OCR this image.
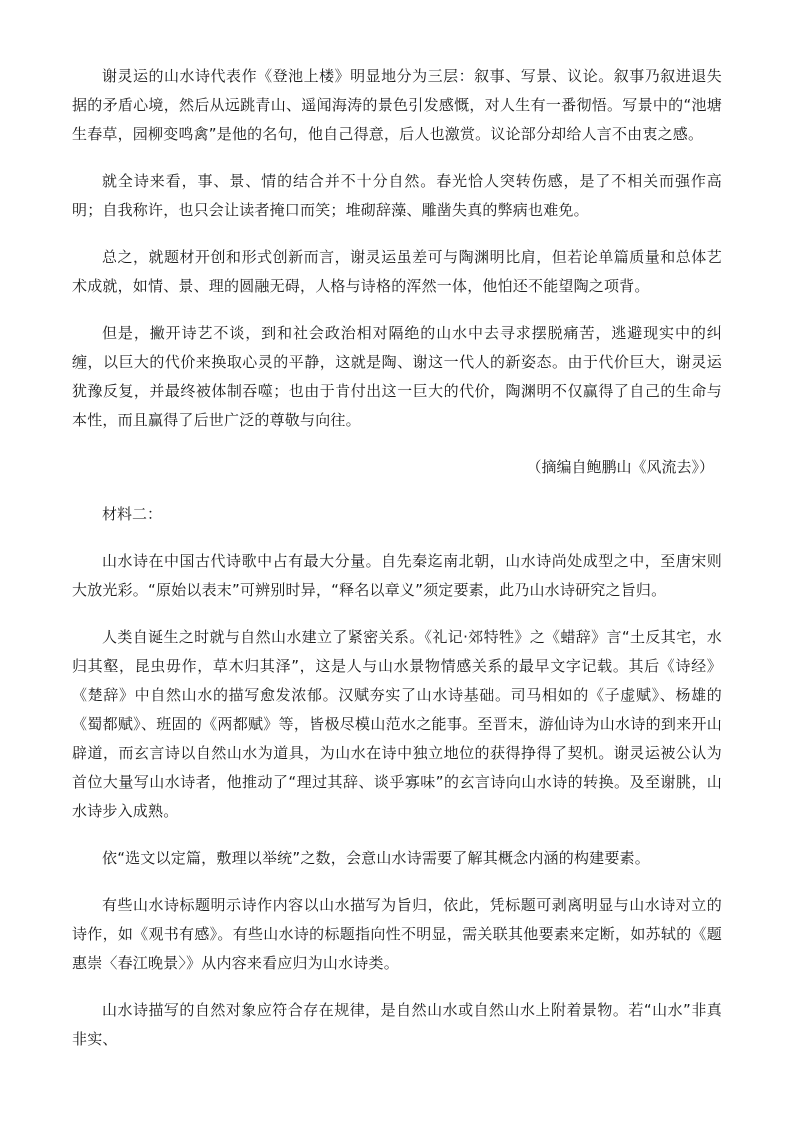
谢灵运的山水诗代表作《登池上楼》明显地分为三层：叙事、写景、议论。叙事乃叙进退失据的矛盾心境，然后从远跳青山、遥闻海涛的景色引发感慨，对人生有一番彻悟。写景中的“池塘生春草，园柳变鸣禽”是他的名句，他自己得意，后人也激赏。议论部分却给人言不由衷之感。

就全诗来看，事、景、情的结合并不十分自然。春光恰人突转伤感，是了不相关而强作高明；自我称许，也只会让读者掩口而笑；堆砌辞藻、雕凿失真的弊病也难免。

总之，就题材开创和形式创新而言，谢灵运虽差可与陶渊明比肩，但若论单篇质量和总体艺术成就，如情、景、理的圆融无碍，人格与诗格的浑然一体，他怕还不能望陶之项背。

但是，撇开诗艺不谈，到和社会政治相对隔绝的山水中去寻求摆脱痛苦，逃避现实中的纠缠，以巨大的代价来换取心灵的平静，这就是陶、谢这一代人的新姿态。由于代价巨大，谢灵运犹豫反复，并最终被体制吞噬；也由于肯付出这一巨大的代价，陶渊明不仅赢得了自己的生命与本性，而且赢得了后世广泛的尊敬与向往。

（摘编自鲍鹏山《风流去》）

材料二：

山水诗在中国古代诗歌中占有最大分量。自先秦迄南北朝，山水诗尚处成型之中，至唐宋则大放光彩。“原始以表末”可辨别时异，“释名以章义”须定要素，此乃山水诗研究之旨归。

人类自诞生之时就与自然山水建立了紧密关系。《礼记·郊特牲》之《蜡辞》言“土反其宅，水归其壑，昆虫毋作，草木归其泽”，这是人与山水景物情感关系的最早文字记载。其后《诗经》《楚辞》中自然山水的描写愈发浓郁。汉赋夯实了山水诗基础。司马相如的《子虚赋》、杨雄的《蜀都赋》、班固的《两都赋》等，皆极尽模山范水之能事。至晋末，游仙诗为山水诗的到来开山辟道，而玄言诗以自然山水为道具，为山水在诗中独立地位的获得挣得了契机。谢灵运被公认为首位大量写山水诗者，他推动了“理过其辞、谈乎寡味”的玄言诗向山水诗的转换。及至谢朓，山水诗步入成熟。

依“选文以定篇，敷理以举统”之数，会意山水诗需要了解其概念内涵的构建要素。

有些山水诗标题明示诗作内容以山水描写为旨归，依此，凭标题可剥离明显与山水诗对立的诗作，如《观书有感》。有些山水诗的标题指向性不明显，需关联其他要素来定断，如苏轼的《题惠崇〈春江晚景〉》从内容来看应归为山水诗类。

山水诗描写的自然对象应符合存在规律，是自然山水或自然山水上附着景物。若“山水”非真非实、
